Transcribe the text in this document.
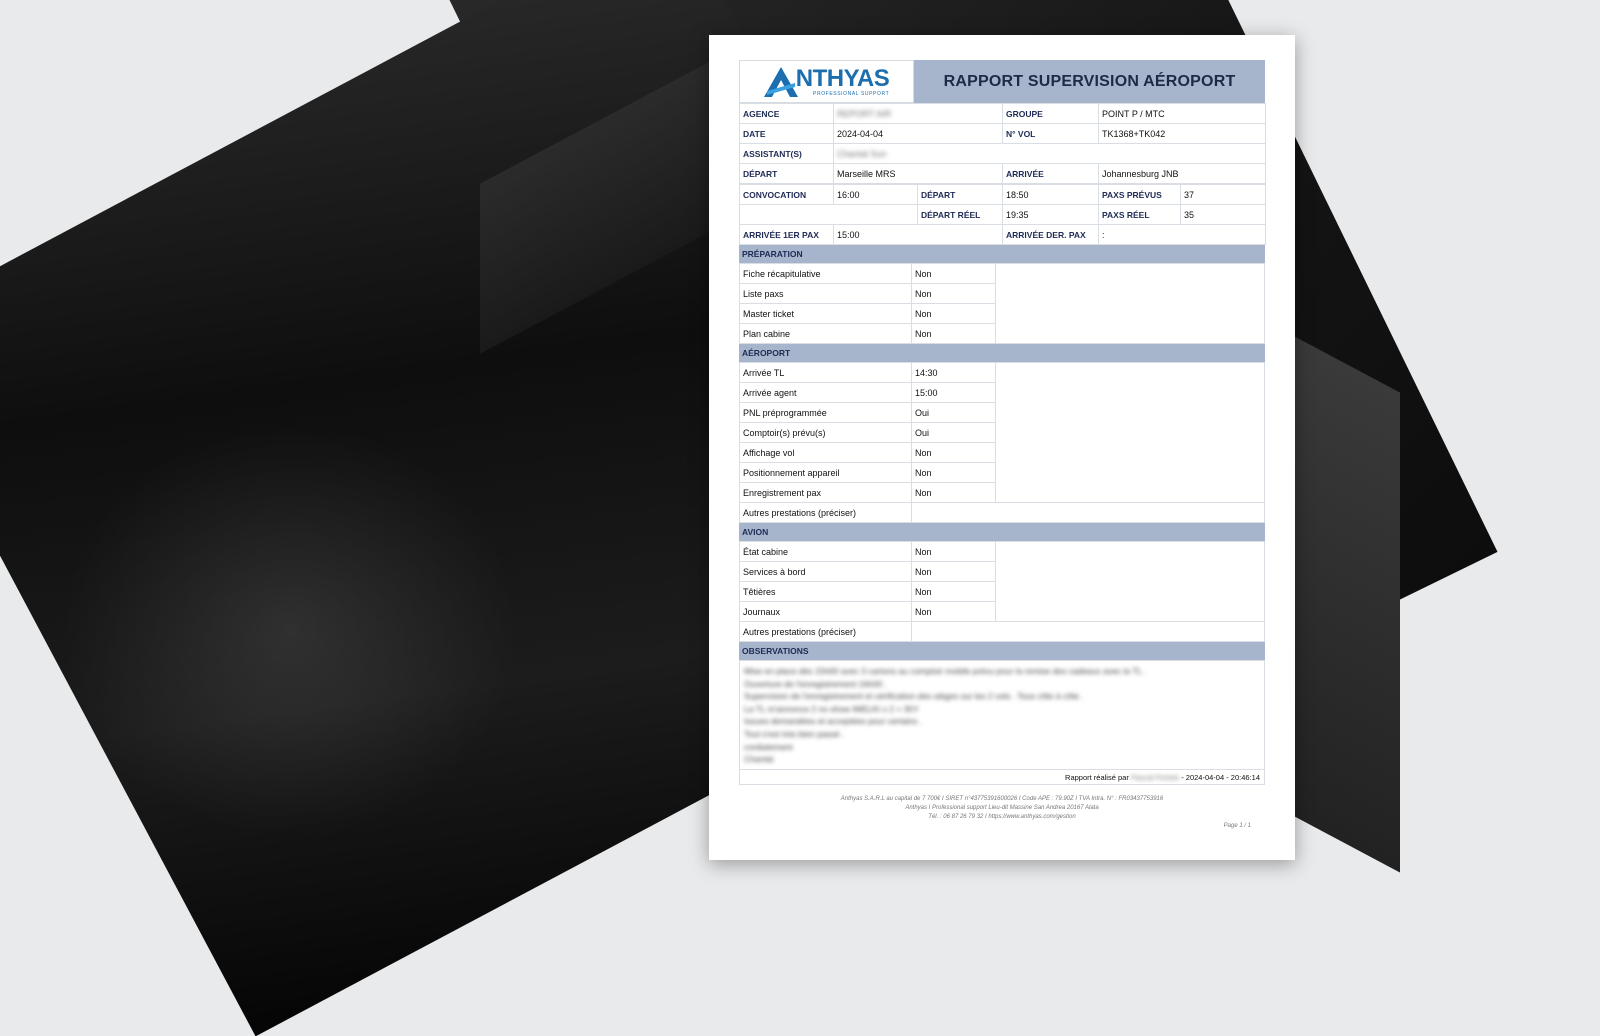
NTHYAS
PROFESSIONAL SUPPORT
RAPPORT SUPERVISION AÉROPORT
AGENCE	REPORT AIR	GROUPE	POINT P / MTC
DATE	2024-04-04	N° VOL	TK1368+TK042
ASSISTANT(S)	Chantal Sun		
DÉPART	Marseille MRS	ARRIVÉE	Johannesburg JNB
CONVOCATION	16:00	DÉPART	18:50	PAXS PRÉVUS	37
		DÉPART RÉEL	19:35	PAXS RÉEL	35
ARRIVÉE 1ER PAX	15:00		ARRIVÉE DER. PAX	:	
PRÉPARATION
Fiche récapitulative	Non	
Liste paxs	Non	
Master ticket	Non	
Plan cabine	Non	
AÉROPORT
Arrivée TL	14:30	
Arrivée agent	15:00	
PNL préprogrammée	Oui	
Comptoir(s) prévu(s)	Oui	
Affichage vol	Non	
Positionnement appareil	Non	
Enregistrement pax	Non	
Autres prestations (préciser)		
AVION
État cabine	Non	
Services à bord	Non	
Têtières	Non	
Journaux	Non	
Autres prestations (préciser)		
OBSERVATIONS
Mise en place dès 15h00 avec 3 cartons au comptoir mobile prévu pour la remise des cadeaux avec la TL .
Ouverture de l'enregistrement 16h00 .
Supervision de l'enregistrement et vérification des sièges sur les 2 vols . Tous côte à côte .
La TL m'annonce 2 no show IMELKI x 2 = 35Y
Issues demandées et acceptées pour certains .
Tout s'est très bien passé .
cordialement
Chantal
Rapport réalisé par Pascal Portolo - 2024-04-04 - 20:46:14
Anthyas S.A.R.L au capital de 7 700€ I SIRET n°43775391600026 I Code APE : 79.90Z I TVA Intra. N° : FR03437753916
Anthyas I Professional support Lieu-dit Massine San Andrea 20167 Alata
Tél. : 06 87 26 79 32 I https://www.anthyas.com/gestion
Page 1 / 1
